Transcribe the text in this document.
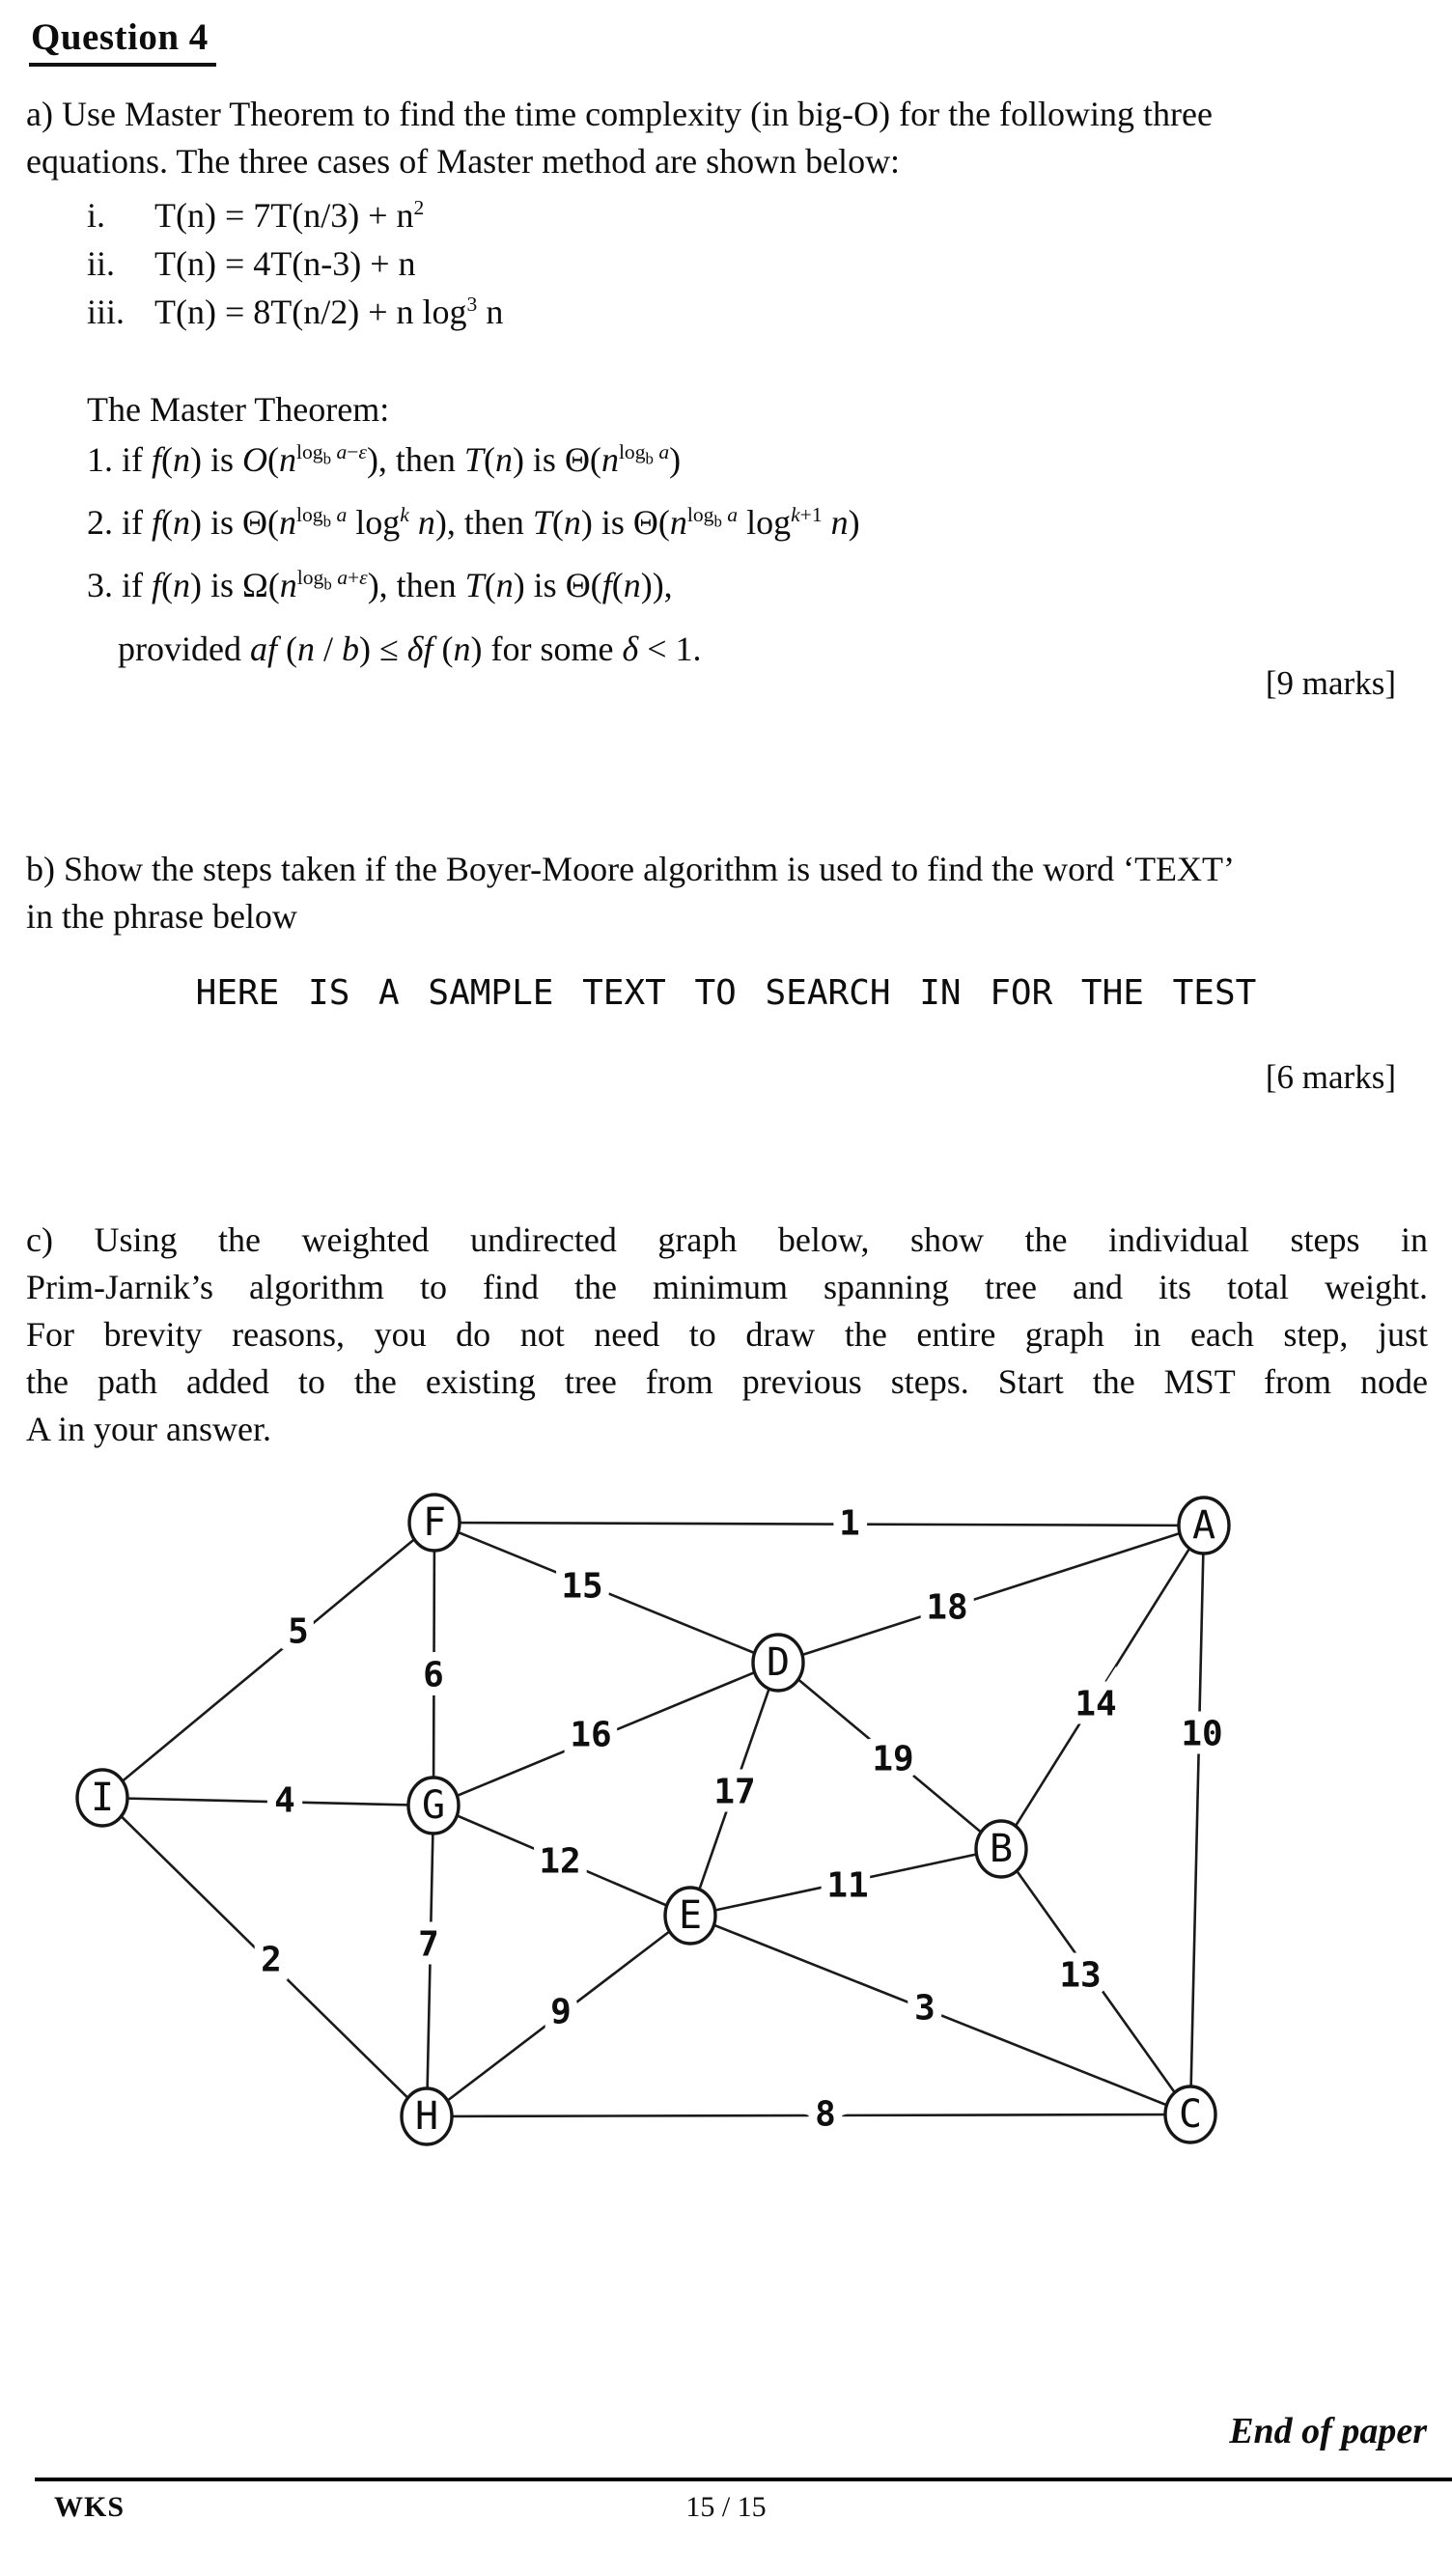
Question 4
a) Use Master Theorem to find the time complexity (in big-O) for the following three
equations. The three cases of Master method are shown below:
i.	$T(n) = 7T(n/3) + n^2$
ii.	T(n) = 4T(n-3) + n
iii. T(n) = 8T(n/2) + n $\log^3 n$
The Master Theorem:
1. if f(n) is $O(n^{log_b a-\varepsilon})$, then T(n) is $\Theta(n^{log_b a})$
2. if f(n) is $\Theta(n^{log_b a}$ $\log^k n$), then T(n) is $\Theta(n^{log_b a}$ $\log^{k+1} n$)
3. if f(n) is $\Omega(n^{log_b a+\varepsilon})$, then T(n) is Θ(f(n)),
provided af (n / b) ≤ δf (n) for some δ < 1.
[9 marks]
b) Show the steps taken if the Boyer-Moore algorithm is used to find the word ‘TEXT’
in the phrase below
HERE IS A SAMPLE TEXT TO SEARCH IN FOR THE TEST
[6 marks]
c) Using the weighted undirected graph below, show the individual steps in
Prim-Jarnik’s algorithm to find the minimum spanning tree and its total weight.
For brevity reasons, you do not need to draw the entire graph in each step, just
the path added to the existing tree from previous steps. Start the MST from node
A in your answer.
1
15
5
6
18
16
17
19
14
10
4
2
12
7
11
9	3
13
8
F	A
D
I	G
B
E
H	C
End of paper
WKS	15 / 15
